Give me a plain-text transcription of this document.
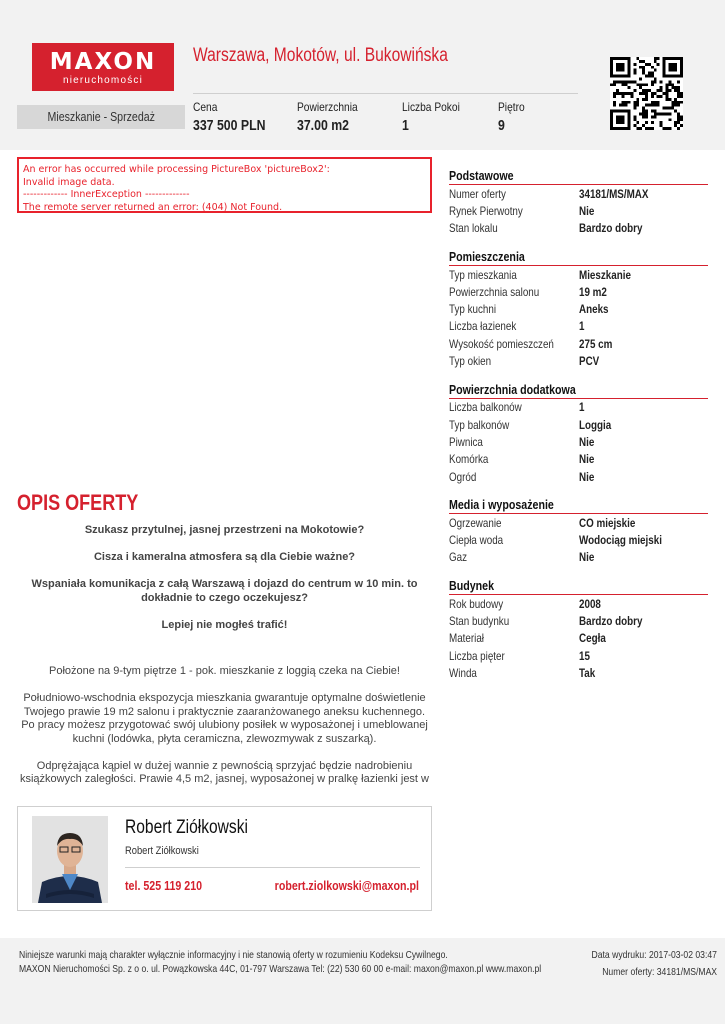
MAXON
nieruchomości
Warszawa, Mokotów, ul. Bukowińska
Mieszkanie - Sprzedaż
Cena
337 500 PLN
Powierzchnia
37.00 m2
Liczba Pokoi
1
Piętro
9
An error has occurred while processing PictureBox 'pictureBox2':
Invalid image data.
------------- InnerException -------------
The remote server returned an error: (404) Not Found.
Podstawowe
Numer oferty	34181/MS/MAX
Rynek Pierwotny	Nie
Stan lokalu	Bardzo dobry
Pomieszczenia
Typ mieszkania	Mieszkanie
Powierzchnia salonu	19 m2
Typ kuchni	Aneks
Liczba łazienek	1
Wysokość pomieszczeń	275 cm
Typ okien	PCV
Powierzchnia dodatkowa
Liczba balkonów	1
Typ balkonów	Loggia
Piwnica	Nie
Komórka	Nie
Ogród	Nie
Media i wyposażenie
Ogrzewanie	CO miejskie
Ciepła woda	Wodociąg miejski
Gaz	Nie
Budynek
Rok budowy	2008
Stan budynku	Bardzo dobry
Materiał	Cegła
Liczba pięter	15
Winda	Tak
OPIS OFERTY

Szukasz przytulnej, jasnej przestrzeni na Mokotowie?

Cisza i kameralna atmosfera są dla Ciebie ważne?

Wspaniała komunikacja z całą Warszawą i dojazd do centrum w 10 min. to dokładnie to czego oczekujesz?

Lepiej nie mogłeś trafić!

Położone na 9-tym piętrze 1 - pok. mieszkanie z loggią czeka na Ciebie!

Południowo-wschodnia ekspozycja mieszkania gwarantuje optymalne doświetlenie Twojego prawie 19 m2 salonu i praktycznie zaaranżowanego aneksu kuchennego. Po pracy możesz przygotować swój ulubiony posiłek w wyposażonej i umeblowanej kuchni (lodówka, płyta ceramiczna, zlewozmywak z suszarką).

Odprężająca kąpiel w dużej wannie z pewnością sprzyjać będzie nadrobieniu książkowych zaległości. Prawie 4,5 m2, jasnej, wyposażonej w pralkę łazienki jest w

Robert Ziółkowski
Robert Ziółkowski
tel. 525 119 210	robert.ziolkowski@maxon.pl
Niniejsze warunki mają charakter wyłącznie informacyjny i nie stanowią oferty w rozumieniu Kodeksu Cywilnego.
MAXON Nieruchomości Sp. z o o. ul. Powązkowska 44C, 01-797 Warszawa Tel: (22) 530 60 00 e-mail: maxon@maxon.pl www.maxon.pl
Data wydruku: 2017-03-02 03:47
Numer oferty: 34181/MS/MAX
